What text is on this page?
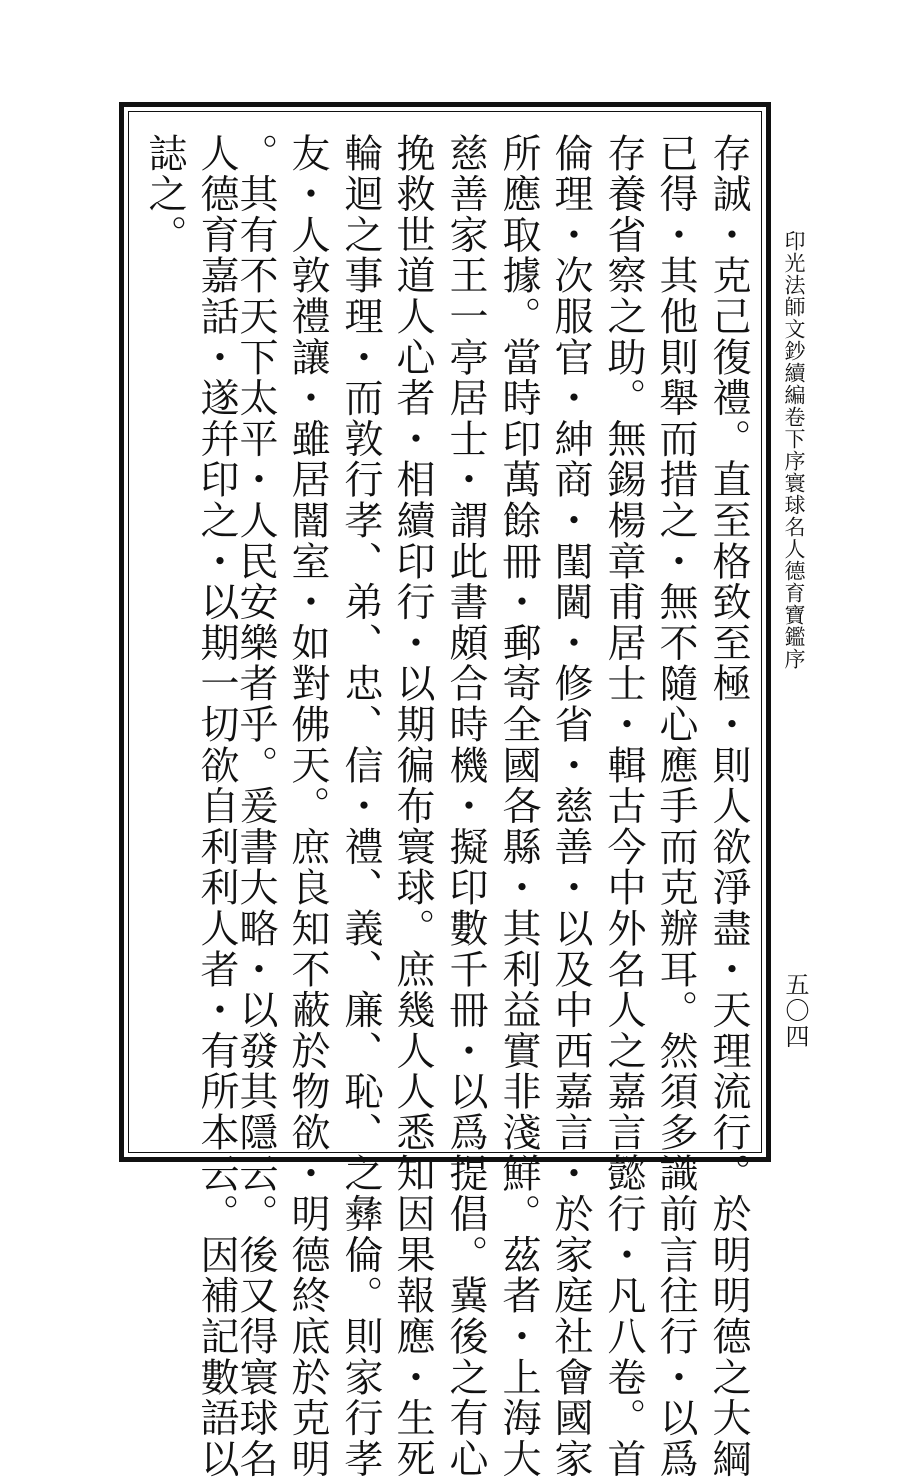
印光法師文鈔續編卷下序寰球名人德育寶鑑序
五〇四
存誠・克己復禮。直至格致至極・則人欲淨盡・天理流行。於明明德之大綱
已得・其他則舉而措之・無不隨心應手而克辦耳。然須多識前言往行・以爲
存養省察之助。無錫楊章甫居士・輯古今中外名人之嘉言懿行・凡八卷。首
倫理・次服官・紳商・閨閫・修省・慈善・以及中西嘉言・於家庭社會國家
所應取據。當時印萬餘冊・郵寄全國各縣・其利益實非淺鮮。茲者・上海大
慈善家王一亭居士・謂此書頗合時機・擬印數千冊・以爲提倡。冀後之有心
挽救世道人心者・相續印行・以期徧布寰球。庶幾人人悉知因果報應・生死
輪迴之事理・而敦行孝、弟、忠、信・禮、義、廉、恥、之彝倫。則家行孝
友・人敦禮讓・雖居闇室・如對佛天。庶良知不蔽於物欲・明德終底於克明
。其有不天下太平・人民安樂者乎。爰書大略・以發其隱云。後又得寰球名
人德育嘉話・遂幷印之・以期一切欲自利利人者・有所本云。因補記數語以
誌之。
